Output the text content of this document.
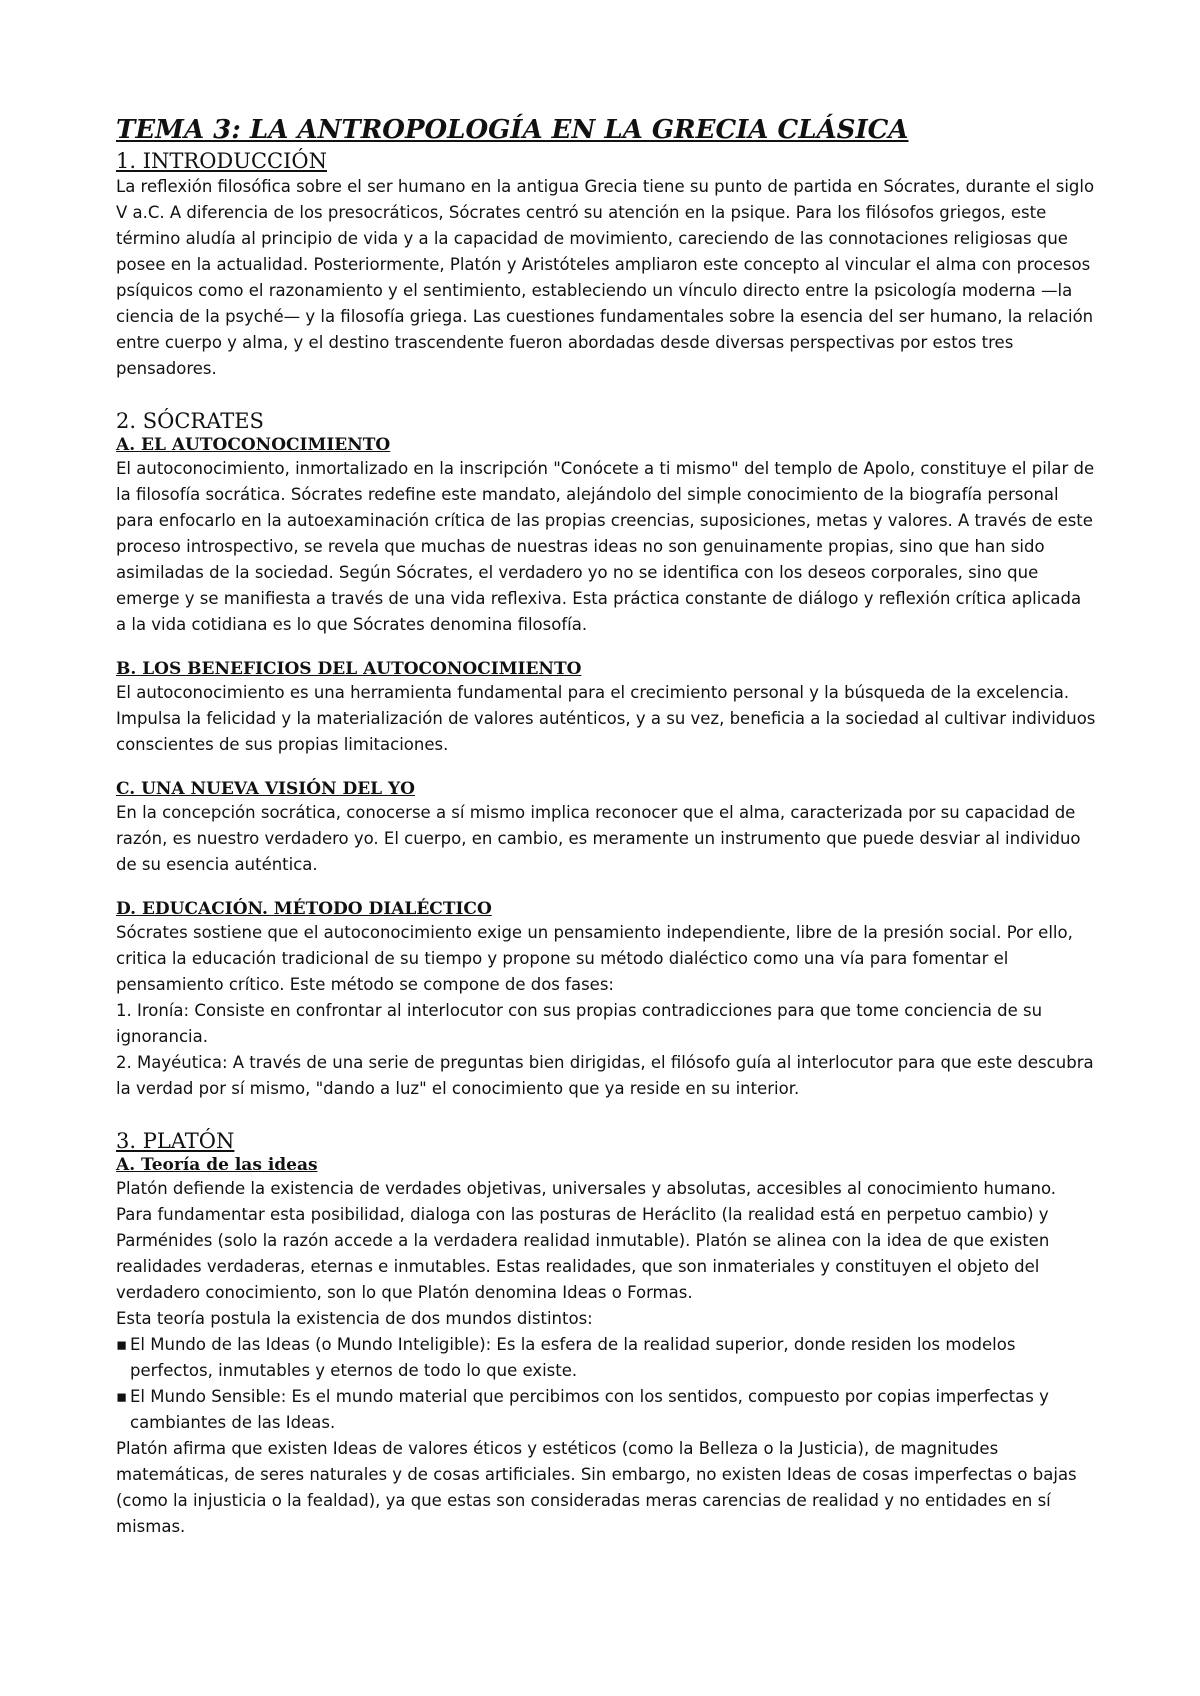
TEMA 3: LA ANTROPOLOGÍA EN LA GRECIA CLÁSICA
1. INTRODUCCIÓN

La reflexión filosófica sobre el ser humano en la antigua Grecia tiene su punto de partida en Sócrates, durante el siglo V a.C. A diferencia de los presocráticos, Sócrates centró su atención en la psique. Para los filósofos griegos, este término aludía al principio de vida y a la capacidad de movimiento, careciendo de las connotaciones religiosas que posee en la actualidad. Posteriormente, Platón y Aristóteles ampliaron este concepto al vincular el alma con procesos psíquicos como el razonamiento y el sentimiento, estableciendo un vínculo directo entre la psicología moderna —la ciencia de la psyché— y la filosofía griega. Las cuestiones fundamentales sobre la esencia del ser humano, la relación entre cuerpo y alma, y el destino trascendente fueron abordadas desde diversas perspectivas por estos tres pensadores.

2. SÓCRATES
A. EL AUTOCONOCIMIENTO

El autoconocimiento, inmortalizado en la inscripción "Conócete a ti mismo" del templo de Apolo, constituye el pilar de la filosofía socrática. Sócrates redefine este mandato, alejándolo del simple conocimiento de la biografía personal para enfocarlo en la autoexaminación crítica de las propias creencias, suposiciones, metas y valores. A través de este proceso introspectivo, se revela que muchas de nuestras ideas no son genuinamente propias, sino que han sido asimiladas de la sociedad. Según Sócrates, el verdadero yo no se identifica con los deseos corporales, sino que emerge y se manifiesta a través de una vida reflexiva. Esta práctica constante de diálogo y reflexión crítica aplicada a la vida cotidiana es lo que Sócrates denomina filosofía.

B. LOS BENEFICIOS DEL AUTOCONOCIMIENTO

El autoconocimiento es una herramienta fundamental para el crecimiento personal y la búsqueda de la excelencia. Impulsa la felicidad y la materialización de valores auténticos, y a su vez, beneficia a la sociedad al cultivar individuos conscientes de sus propias limitaciones.

C. UNA NUEVA VISIÓN DEL YO

En la concepción socrática, conocerse a sí mismo implica reconocer que el alma, caracterizada por su capacidad de razón, es nuestro verdadero yo. El cuerpo, en cambio, es meramente un instrumento que puede desviar al individuo de su esencia auténtica.

D. EDUCACIÓN. MÉTODO DIALÉCTICO

Sócrates sostiene que el autoconocimiento exige un pensamiento independiente, libre de la presión social. Por ello, critica la educación tradicional de su tiempo y propone su método dialéctico como una vía para fomentar el pensamiento crítico. Este método se compone de dos fases:

1. Ironía: Consiste en confrontar al interlocutor con sus propias contradicciones para que tome conciencia de su ignorancia.

2. Mayéutica: A través de una serie de preguntas bien dirigidas, el filósofo guía al interlocutor para que este descubra la verdad por sí mismo, "dando a luz" el conocimiento que ya reside en su interior.

3. PLATÓN
A. Teoría de las ideas

Platón defiende la existencia de verdades objetivas, universales y absolutas, accesibles al conocimiento humano. Para fundamentar esta posibilidad, dialoga con las posturas de Heráclito (la realidad está en perpetuo cambio) y Parménides (solo la razón accede a la verdadera realidad inmutable). Platón se alinea con la idea de que existen realidades verdaderas, eternas e inmutables. Estas realidades, que son inmateriales y constituyen el objeto del verdadero conocimiento, son lo que Platón denomina Ideas o Formas.

Esta teoría postula la existencia de dos mundos distintos:

▪ El Mundo de las Ideas (o Mundo Inteligible): Es la esfera de la realidad superior, donde residen los modelos perfectos, inmutables y eternos de todo lo que existe.

▪ El Mundo Sensible: Es el mundo material que percibimos con los sentidos, compuesto por copias imperfectas y cambiantes de las Ideas.

Platón afirma que existen Ideas de valores éticos y estéticos (como la Belleza o la Justicia), de magnitudes matemáticas, de seres naturales y de cosas artificiales. Sin embargo, no existen Ideas de cosas imperfectas o bajas (como la injusticia o la fealdad), ya que estas son consideradas meras carencias de realidad y no entidades en sí mismas.
